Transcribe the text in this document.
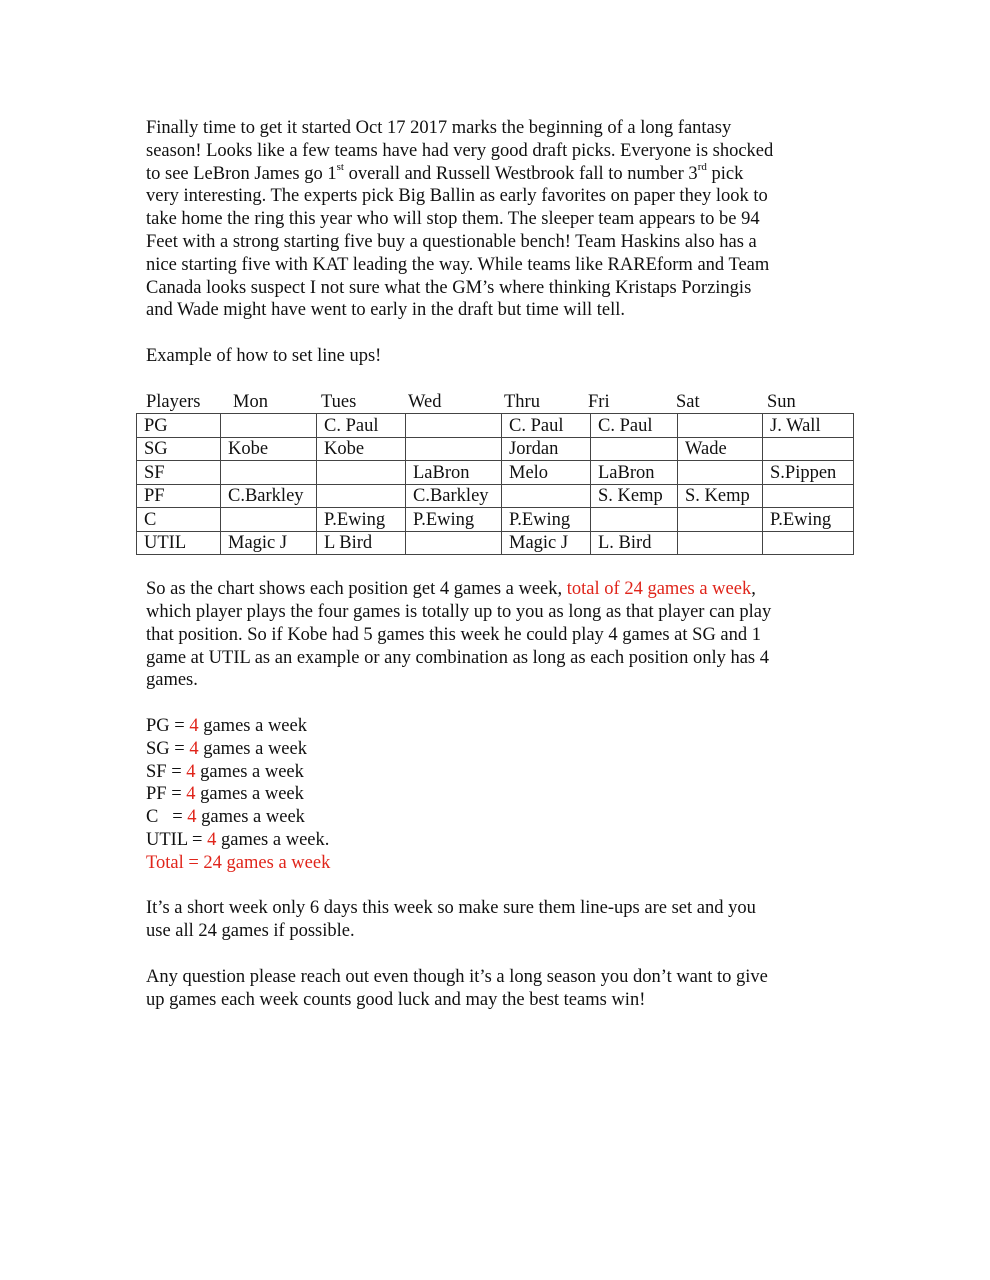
Finally time to get it started Oct 17 2017 marks the beginning of a long fantasy

season! Looks like a few teams have had very good draft picks. Everyone is shocked

to see LeBron James go 1st overall and Russell Westbrook fall to number 3rd pick

very interesting. The experts pick Big Ballin as early favorites on paper they look to

take home the ring this year who will stop them. The sleeper team appears to be 94

Feet with a strong starting five buy a questionable bench! Team Haskins also has a

nice starting five with KAT leading the way. While teams like RAREform and Team

Canada looks suspect I not sure what the GM’s where thinking Kristaps Porzingis

and Wade might have went to early in the draft but time will tell.

Example of how to set line ups!

Players Mon	Tues	Wed	Thru	Fri	Sat	Sun
PG		C. Paul		C. Paul	C. Paul		J. Wall
SG	Kobe	Kobe		Jordan		Wade	
SF			LaBron	Melo	LaBron		S.Pippen
PF	C.Barkley		C.Barkley		S. Kemp	S. Kemp	
C		P.Ewing	P.Ewing	P.Ewing			P.Ewing
UTIL	Magic J	L Bird		Magic J	L. Bird		

So as the chart shows each position get 4 games a week, total of 24 games a week,

which player plays the four games is totally up to you as long as that player can play

that position. So if Kobe had 5 games this week he could play 4 games at SG and 1

game at UTIL as an example or any combination as long as each position only has 4

games.

PG = 4 games a week

SG = 4 games a week

SF = 4 games a week

PF = 4 games a week

C   = 4 games a week

UTIL = 4 games a week.

Total = 24 games a week

It’s a short week only 6 days this week so make sure them line-ups are set and you

use all 24 games if possible.

Any question please reach out even though it’s a long season you don’t want to give

up games each week counts good luck and may the best teams win!
